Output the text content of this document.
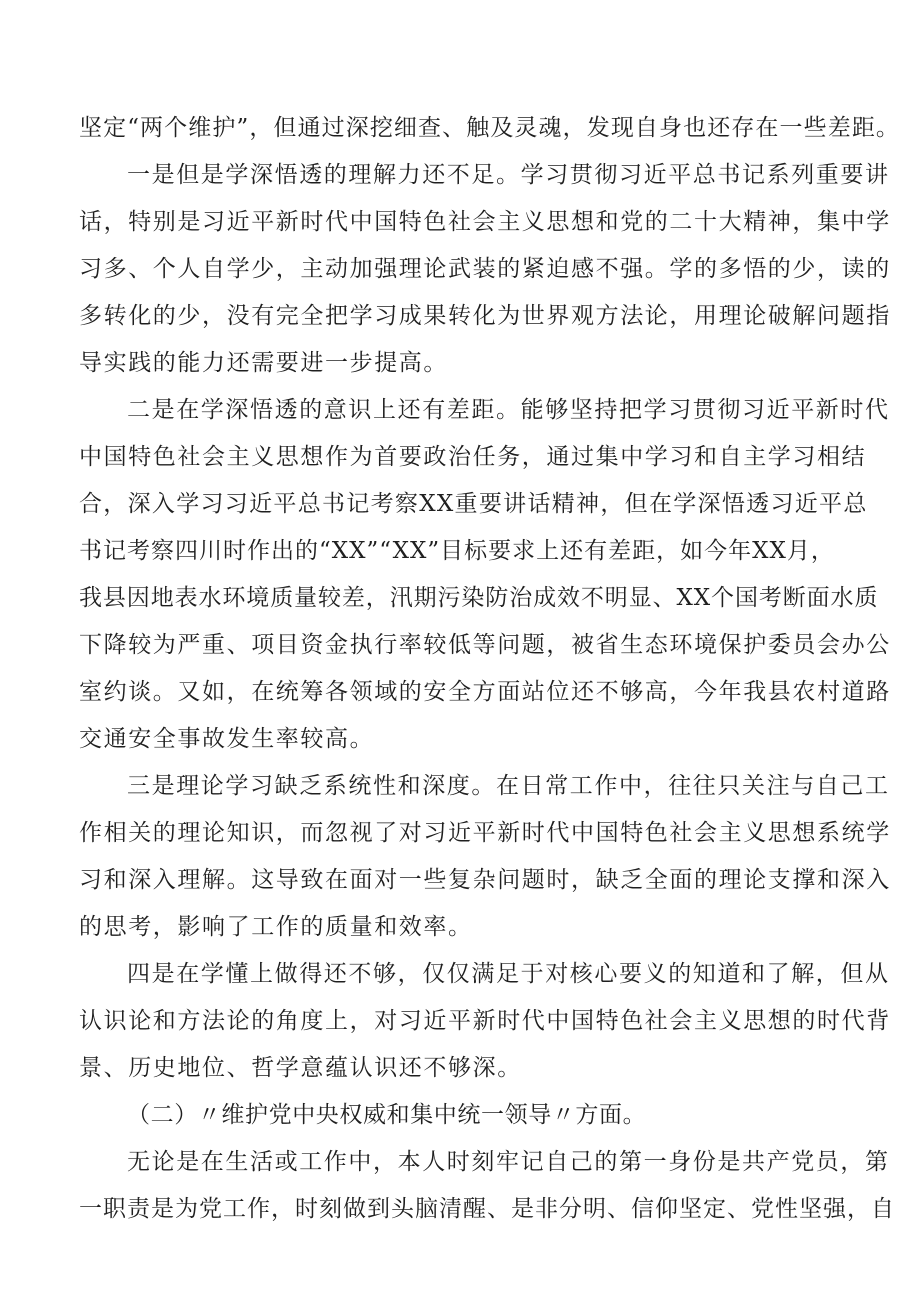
坚定“两个维护”，但通过深挖细查、触及灵魂，发现自身也还存在一些差距。
一是但是学深悟透的理解力还不足。学习贯彻习近平总书记系列重要讲
话，特别是习近平新时代中国特色社会主义思想和党的二十大精神，集中学
习多、个人自学少，主动加强理论武装的紧迫感不强。学的多悟的少，读的
多转化的少，没有完全把学习成果转化为世界观方法论，用理论破解问题指
导实践的能力还需要进一步提高。
二是在学深悟透的意识上还有差距。能够坚持把学习贯彻习近平新时代
中国特色社会主义思想作为首要政治任务，通过集中学习和自主学习相结
合，深入学习习近平总书记考察XX重要讲话精神，但在学深悟透习近平总
书记考察四川时作出的“XX”“XX”目标要求上还有差距，如今年XX月，
我县因地表水环境质量较差，汛期污染防治成效不明显、XX个国考断面水质
下降较为严重、项目资金执行率较低等问题，被省生态环境保护委员会办公
室约谈。又如，在统筹各领域的安全方面站位还不够高，今年我县农村道路
交通安全事故发生率较高。
三是理论学习缺乏系统性和深度。在日常工作中，往往只关注与自己工
作相关的理论知识，而忽视了对习近平新时代中国特色社会主义思想系统学
习和深入理解。这导致在面对一些复杂问题时，缺乏全面的理论支撑和深入
的思考，影响了工作的质量和效率。
四是在学懂上做得还不够，仅仅满足于对核心要义的知道和了解，但从
认识论和方法论的角度上，对习近平新时代中国特色社会主义思想的时代背
景、历史地位、哲学意蕴认识还不够深。
（二）〃维护党中央权威和集中统一领导〃方面。
无论是在生活或工作中，本人时刻牢记自己的第一身份是共产党员，第
一职责是为党工作，时刻做到头脑清醒、是非分明、信仰坚定、党性坚强，自
